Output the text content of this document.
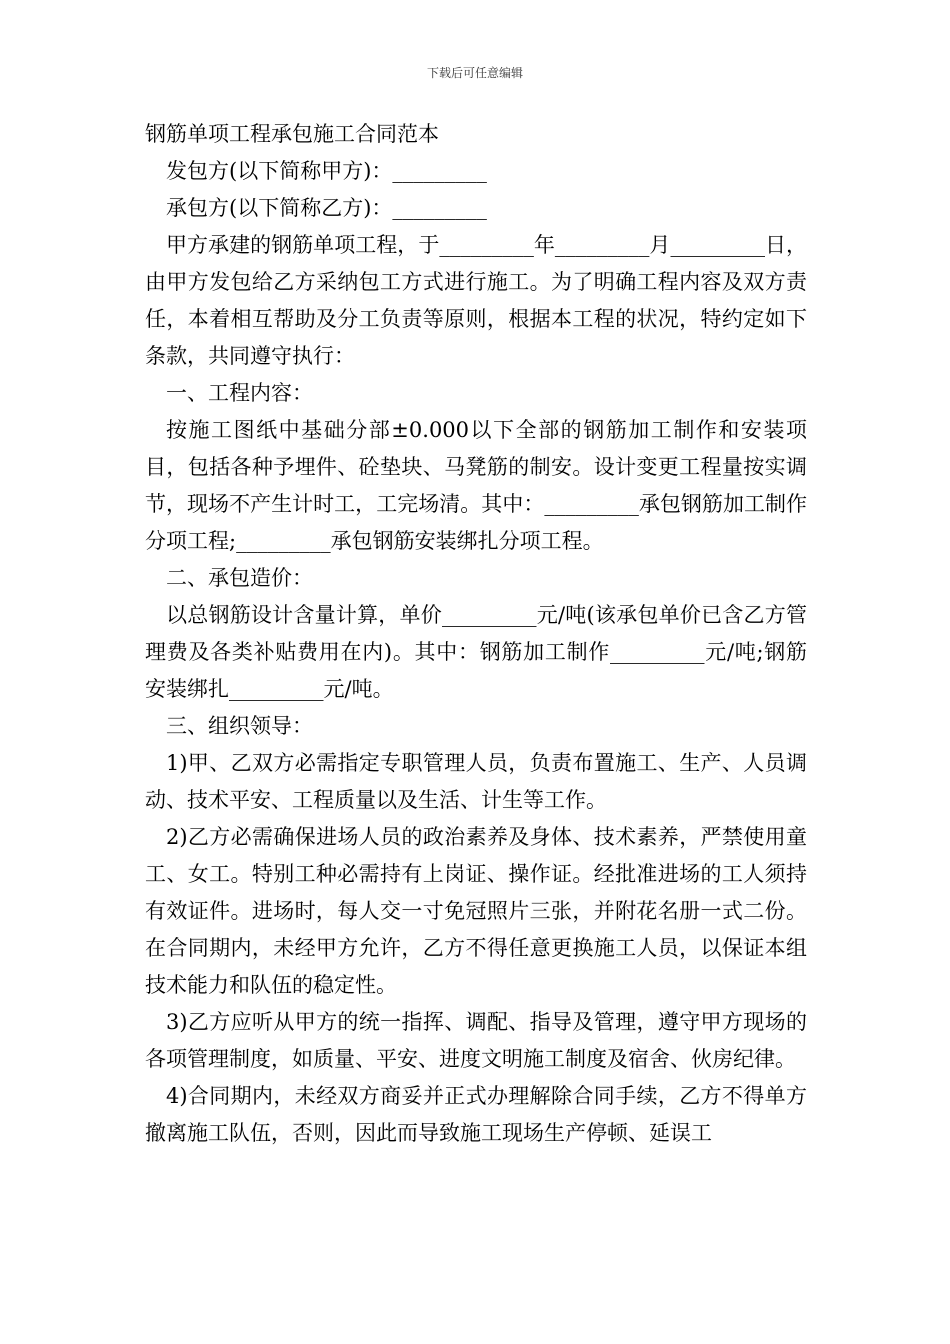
下载后可任意编辑
钢筋单项工程承包施工合同范本

发包方(以下简称甲方)：_________

承包方(以下简称乙方)：_________

甲方承建的钢筋单项工程，于_________年_________月_________日，由甲方发包给乙方采纳包工方式进行施工。为了明确工程内容及双方责任，本着相互帮助及分工负责等原则，根据本工程的状况，特约定如下条款，共同遵守执行：

一、工程内容：

按施工图纸中基础分部±0.000以下全部的钢筋加工制作和安装项目，包括各种予埋件、砼垫块、马凳筋的制安。设计变更工程量按实调节，现场不产生计时工，工完场清。其中：_________承包钢筋加工制作分项工程;_________承包钢筋安装绑扎分项工程。

二、承包造价：

以总钢筋设计含量计算，单价_________元/吨(该承包单价已含乙方管理费及各类补贴费用在内)。其中：钢筋加工制作_________元/吨;钢筋安装绑扎_________元/吨。

三、组织领导：

1)甲、乙双方必需指定专职管理人员，负责布置施工、生产、人员调动、技术平安、工程质量以及生活、计生等工作。

2)乙方必需确保进场人员的政治素养及身体、技术素养，严禁使用童工、女工。特别工种必需持有上岗证、操作证。经批准进场的工人须持有效证件。进场时，每人交一寸免冠照片三张，并附花名册一式二份。在合同期内，未经甲方允许，乙方不得任意更换施工人员，以保证本组技术能力和队伍的稳定性。

3)乙方应听从甲方的统一指挥、调配、指导及管理，遵守甲方现场的各项管理制度，如质量、平安、进度文明施工制度及宿舍、伙房纪律。

4)合同期内，未经双方商妥并正式办理解除合同手续，乙方不得单方撤离施工队伍，否则，因此而导致施工现场生产停顿、延误工
